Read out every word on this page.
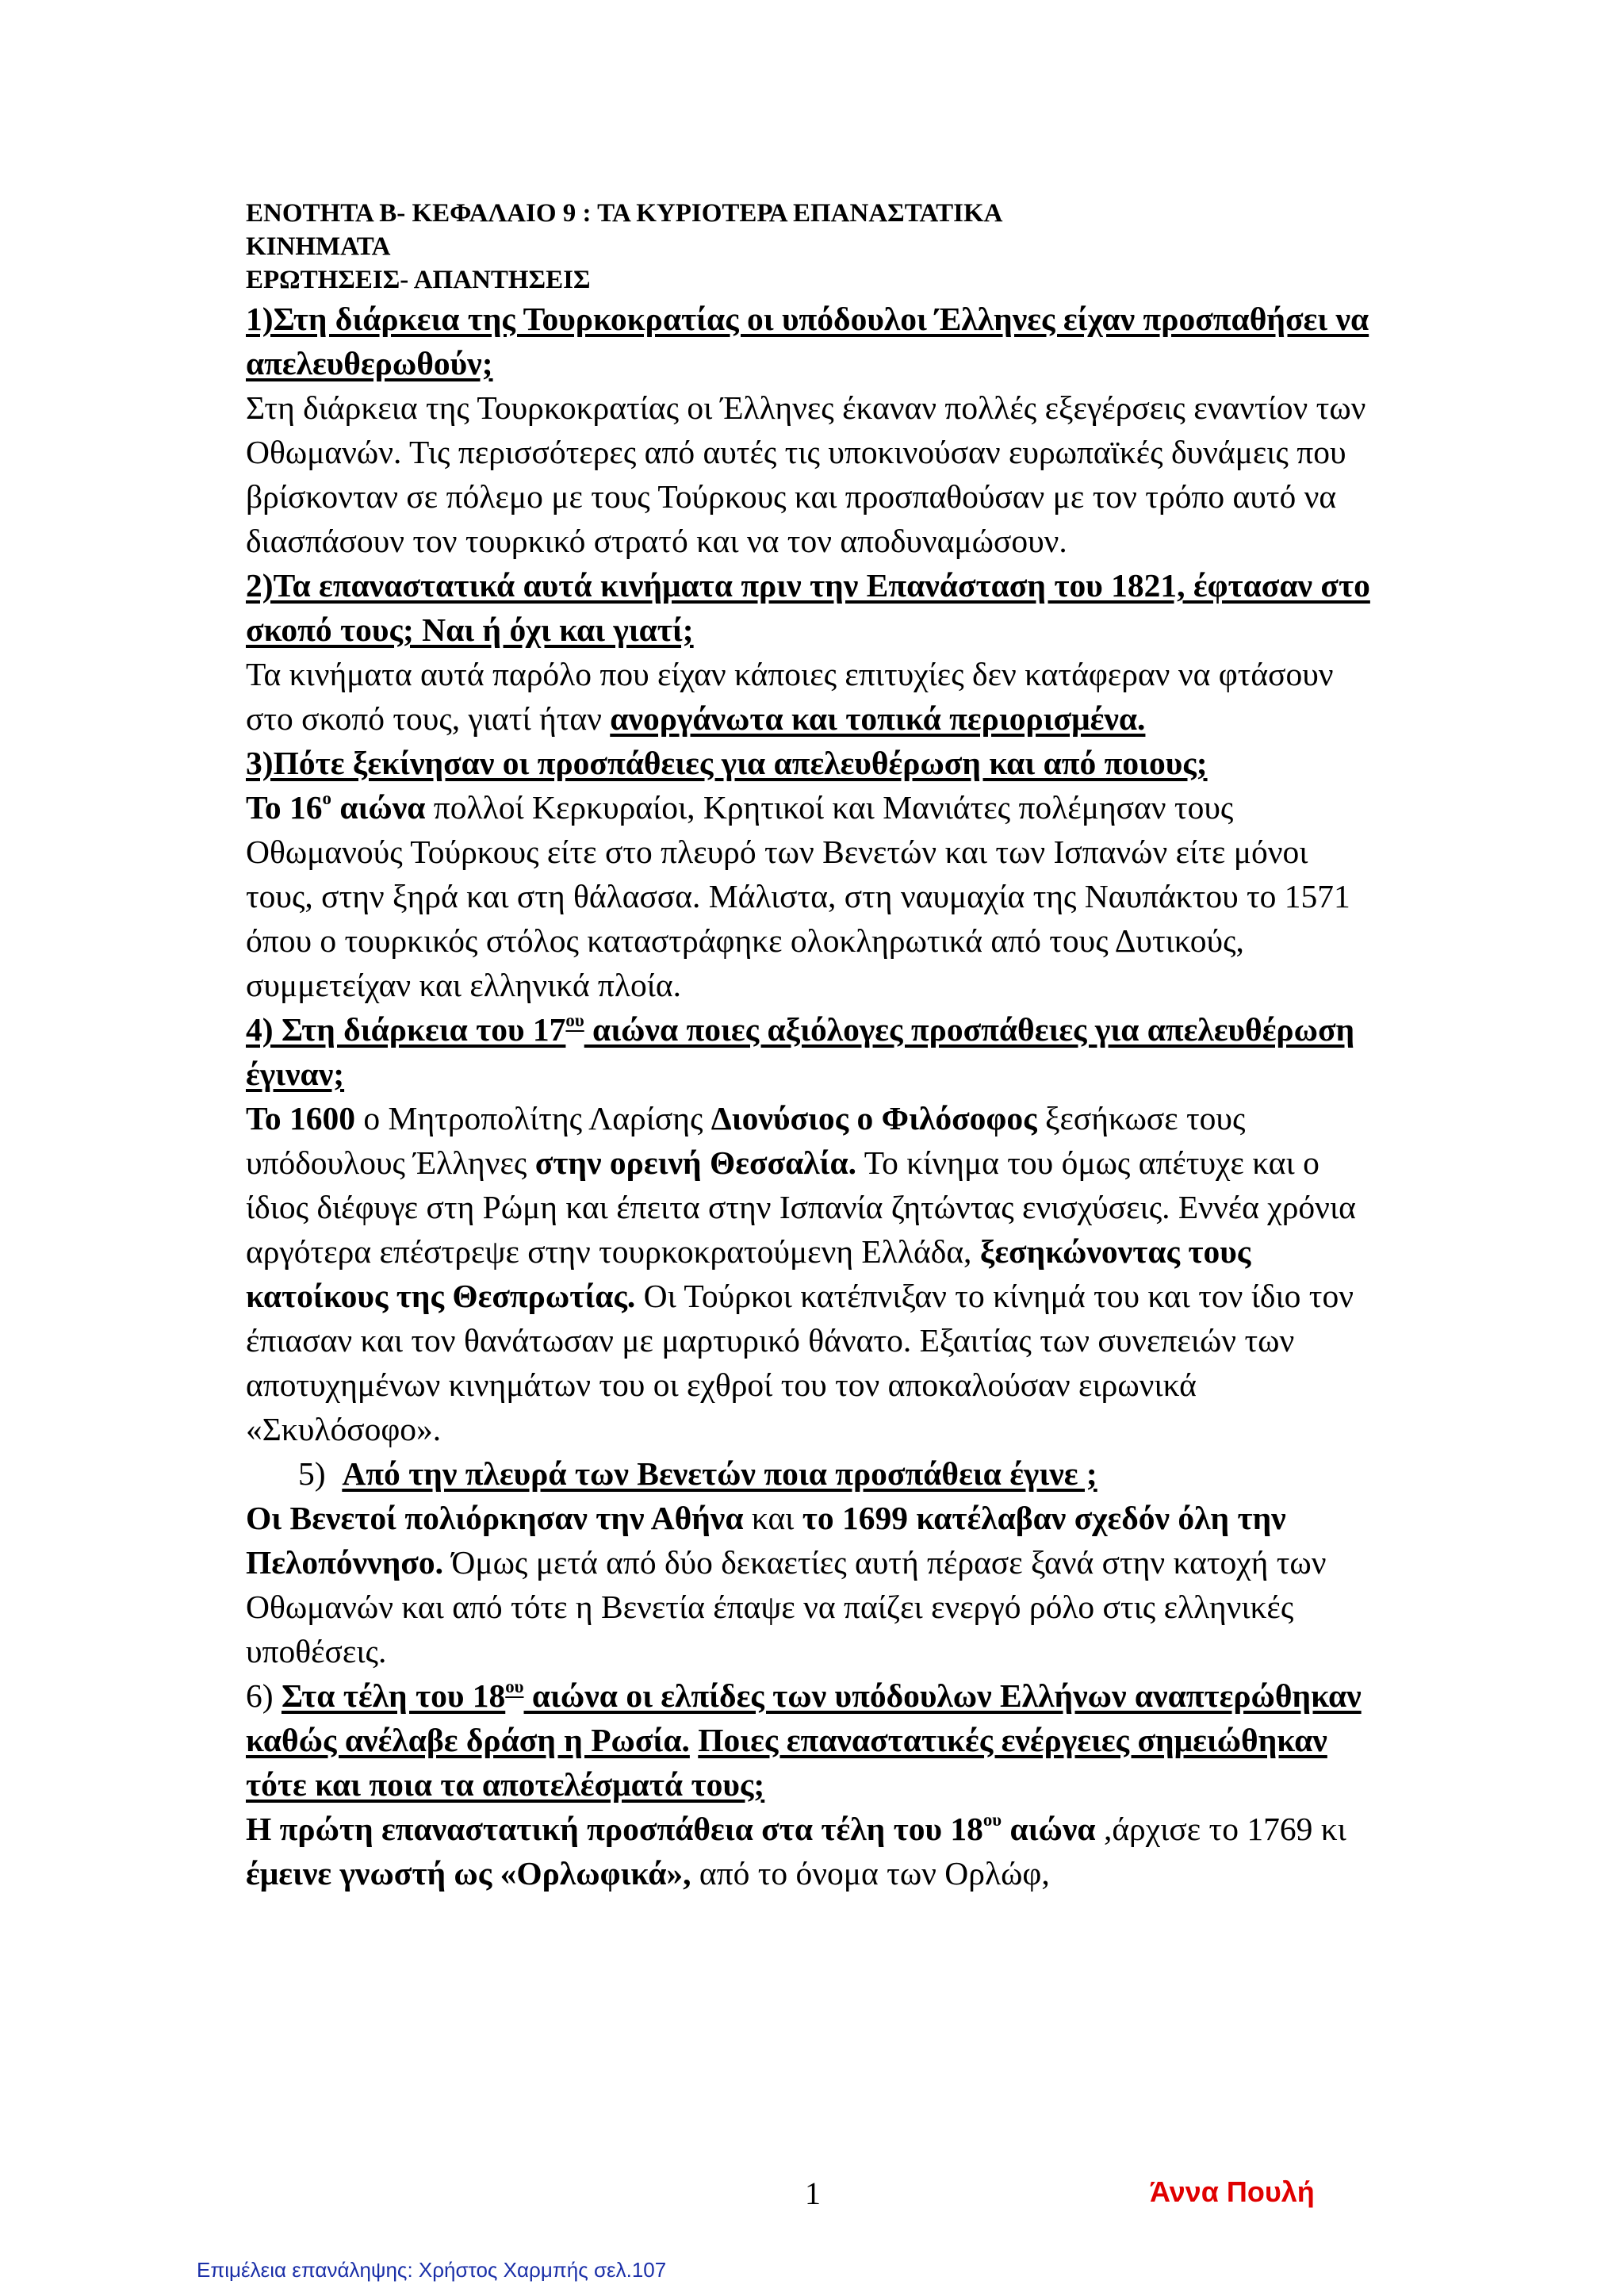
ΕΝΟΤΗΤΑ Β- ΚΕΦΑΛΑΙΟ 9 : ΤΑ ΚΥΡΙΟΤΕΡΑ ΕΠΑΝΑΣΤΑΤΙΚΑ
ΚΙΝΗΜΑΤΑ
ΕΡΩΤΗΣΕΙΣ- ΑΠΑΝΤΗΣΕΙΣ

1)Στη διάρκεια της Τουρκοκρατίας οι υπόδουλοι Έλληνες είχαν προσπαθήσει να απελευθερωθούν;

Στη διάρκεια της Τουρκοκρατίας οι Έλληνες έκαναν πολλές εξεγέρσεις εναντίον των Οθωμανών. Τις περισσότερες από αυτές τις υποκινούσαν ευρωπαϊκές δυνάμεις που βρίσκονταν σε πόλεμο με τους Τούρκους και προσπαθούσαν με τον τρόπο αυτό να διασπάσουν τον τουρκικό στρατό και να τον αποδυναμώσουν.

2)Τα επαναστατικά αυτά κινήματα πριν την Επανάσταση του 1821, έφτασαν στο σκοπό τους; Ναι ή όχι και γιατί;

Τα κινήματα αυτά παρόλο που είχαν κάποιες επιτυχίες δεν κατάφεραν να φτάσουν στο σκοπό τους, γιατί ήταν ανοργάνωτα και τοπικά περιορισμένα.

3)Πότε ξεκίνησαν οι προσπάθειες για απελευθέρωση και από ποιους;

Το $16^o$ αιώνα πολλοί Κερκυραίοι, Κρητικοί και Μανιάτες πολέμησαν τους Οθωμανούς Τούρκους είτε στο πλευρό των Βενετών και των Ισπανών είτε μόνοι τους, στην ξηρά και στη θάλασσα. Μάλιστα, στη ναυμαχία της Ναυπάκτου το 1571 όπου ο τουρκικός στόλος καταστράφηκε ολοκληρωτικά από τους Δυτικούς, συμμετείχαν και ελληνικά πλοία.

4) Στη διάρκεια του $17^{o\upsilon}$ αιώνα ποιες αξιόλογες προσπάθειες για απελευθέρωση έγιναν;

Το 1600 ο Μητροπολίτης Λαρίσης Διονύσιος ο Φιλόσοφος ξεσήκωσε τους υπόδουλους Έλληνες στην ορεινή Θεσσαλία. Το κίνημα του όμως απέτυχε και ο ίδιος διέφυγε στη Ρώμη και έπειτα στην Ισπανία ζητώντας ενισχύσεις. Εννέα χρόνια αργότερα επέστρεψε στην τουρκοκρατούμενη Ελλάδα, ξεσηκώνοντας τους κατοίκους της Θεσπρωτίας. Οι Τούρκοι κατέπνιξαν το κίνημά του και τον ίδιο τον έπιασαν και τον θανάτωσαν με μαρτυρικό θάνατο. Εξαιτίας των συνεπειών των αποτυχημένων κινημάτων του οι εχθροί του τον αποκαλούσαν ειρωνικά «Σκυλόσοφο».

5) Από την πλευρά των Βενετών ποια προσπάθεια έγινε ;

Οι Βενετοί πολιόρκησαν την Αθήνα και το 1699 κατέλαβαν σχεδόν όλη την Πελοπόννησο. Όμως μετά από δύο δεκαετίες αυτή πέρασε ξανά στην κατοχή των Οθωμανών και από τότε η Βενετία έπαψε να παίζει ενεργό ρόλο στις ελληνικές υποθέσεις.

6) Στα τέλη του $18^{o\upsilon}$ αιώνα οι ελπίδες των υπόδουλων Ελλήνων αναπτερώθηκαν καθώς ανέλαβε δράση η Ρωσία. Ποιες επαναστατικές ενέργειες σημειώθηκαν τότε και ποια τα αποτελέσματά τους;

Η πρώτη επαναστατική προσπάθεια στα τέλη του $18^{o\upsilon}$ αιώνα ,άρχισε το 1769 κι έμεινε γνωστή ως «Ορλωφικά», από το όνομα των Ορλώφ,

1	Άννα Πουλή
Επιμέλεια επανάληψης: Χρήστος Χαρμπής σελ.107
